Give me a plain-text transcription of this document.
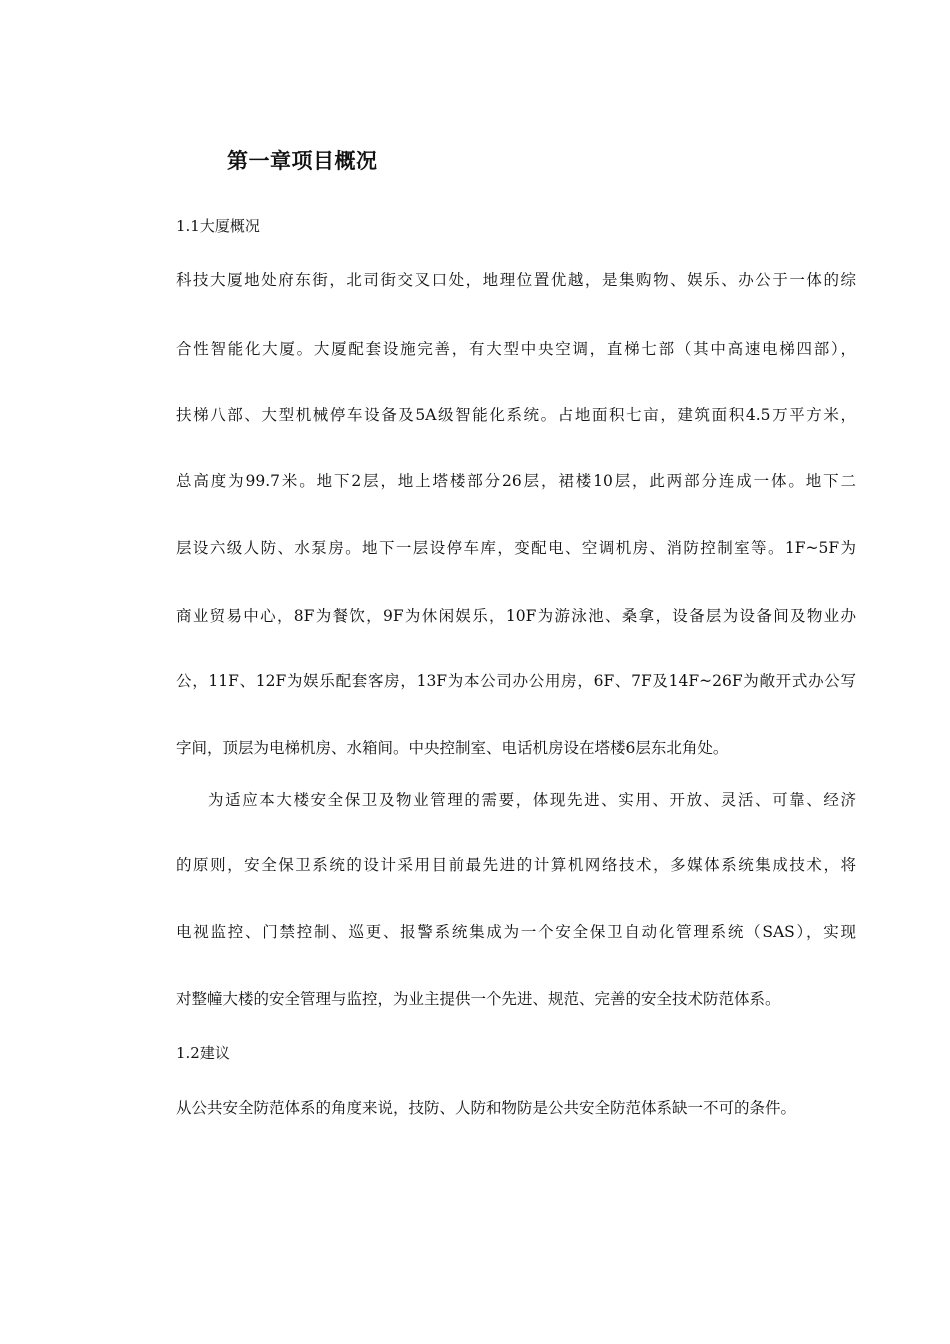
第一章项目概况
1.1大厦概况

科技大厦地处府东街，北司街交叉口处，地理位置优越，是集购物、娱乐、办公于一体的综

合性智能化大厦。大厦配套设施完善，有大型中央空调，直梯七部（其中高速电梯四部），

扶梯八部、大型机械停车设备及5A级智能化系统。占地面积七亩，建筑面积4.5万平方米，

总高度为99.7米。地下2层，地上塔楼部分26层，裙楼10层，此两部分连成一体。地下二

层设六级人防、水泵房。地下一层设停车库，变配电、空调机房、消防控制室等。1F~5F为

商业贸易中心，8F为餐饮，9F为休闲娱乐，10F为游泳池、桑拿，设备层为设备间及物业办

公，11F、12F为娱乐配套客房，13F为本公司办公用房，6F、7F及14F~26F为敞开式办公写

字间，顶层为电梯机房、水箱间。中央控制室、电话机房设在塔楼6层东北角处。

为适应本大楼安全保卫及物业管理的需要，体现先进、实用、开放、灵活、可靠、经济

的原则，安全保卫系统的设计采用目前最先进的计算机网络技术，多媒体系统集成技术，将

电视监控、门禁控制、巡更、报警系统集成为一个安全保卫自动化管理系统（SAS），实现

对整幢大楼的安全管理与监控，为业主提供一个先进、规范、完善的安全技术防范体系。

1.2建议

从公共安全防范体系的角度来说，技防、人防和物防是公共安全防范体系缺一不可的条件。
